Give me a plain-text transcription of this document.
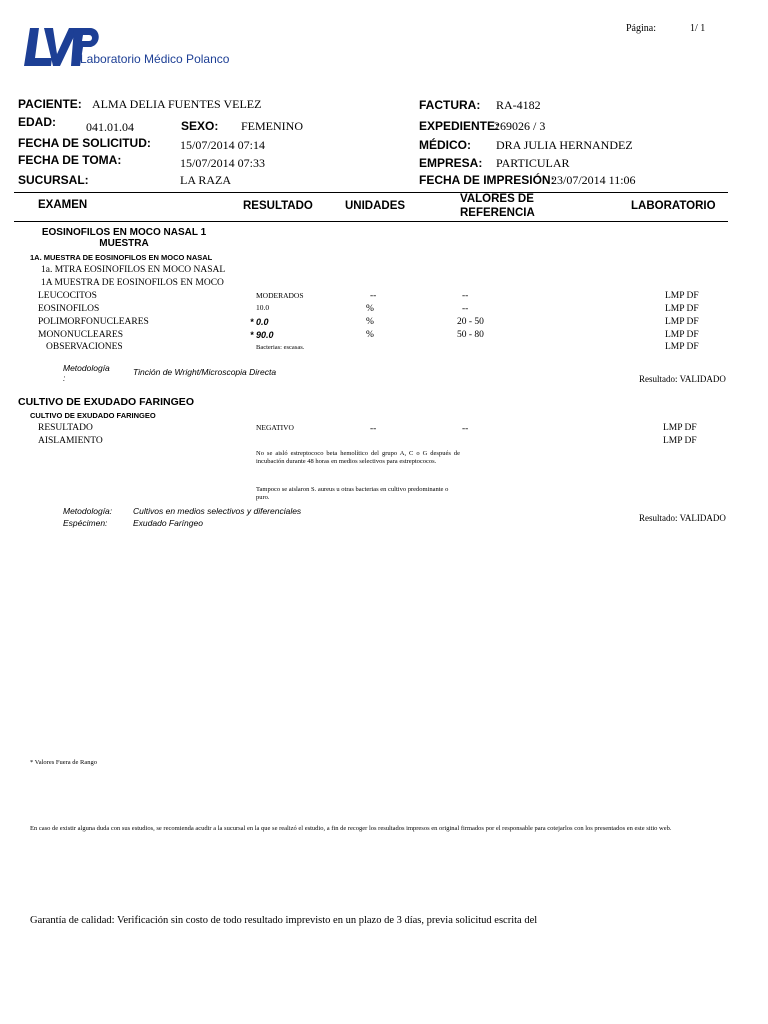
Página:	1/ 1
Laboratorio Médico Polanco
PACIENTE: ALMA DELIA FUENTES VELEZ
EDAD:	041.01.04	SEXO: FEMENINO
FECHA DE SOLICITUD: 15/07/2014 07:14
FECHA DE TOMA:	15/07/2014 07:33
SUCURSAL:	LA RAZA
FACTURA: RA-4182
EXPEDIENTE:
269026 / 3
MÉDICO: DRA JULIA HERNANDEZ
EMPRESA: PARTICULAR
FECHA DE IMPRESIÓN:
23/07/2014 11:06
EXAMEN	RESULTADO	UNIDADES
VALORES DE
REFERENCIA
LABORATORIO
EOSINOFILOS EN MOCO NASAL 1
MUESTRA
1A. MUESTRA DE EOSINOFILOS EN MOCO NASAL
1a. MTRA EOSINOFILOS EN MOCO NASAL
1A MUESTRA DE EOSINOFILOS EN MOCO
LEUCOCITOS	MODERADOS	--	--	LMP DF
EOSINOFILOS	10.0	%	--	LMP DF
POLIMORFONUCLEARES	* 0.0	%	20 - 50	LMP DF
MONONUCLEARES	* 90.0	%	50 - 80	LMP DF
OBSERVACIONES	Bacterias: escasas.	LMP DF
Metodología
:
Tinción de Wright/Microscopia Directa
Resultado: VALIDADO
CULTIVO DE EXUDADO FARINGEO
CULTIVO DE EXUDADO FARINGEO
RESULTADO	NEGATIVO	--	--	LMP DF
AISLAMIENTO	LMP DF
No se aisló estreptococo beta hemolítico del grupo A, C o G después de incubación durante 48 horas en medios selectivos para estreptococos.
Tampoco se aislaron S. aureus u otras bacterias en cultivo predominante o puro.
Metodología: Cultivos en medios selectivos y diferenciales
Espécimen:	Exudado Faríngeo	Resultado: VALIDADO
* Valores Fuera de Rango
En caso de existir alguna duda con sus estudios, se recomienda acudir a la sucursal en la que se realizó el estudio, a fin de recoger los resultados impresos en original firmados por el responsable para cotejarlos con los presentados en este sitio web.
Garantía de calidad: Verificación sin costo de todo resultado imprevisto en un plazo de 3 días, previa solicitud escrita del
